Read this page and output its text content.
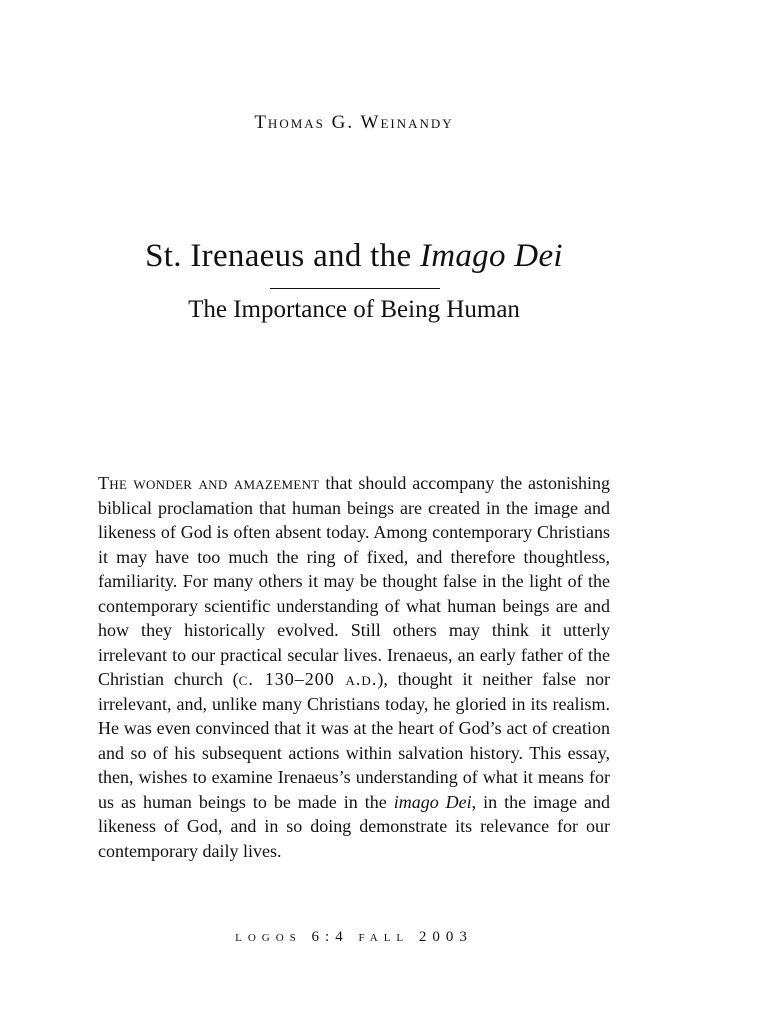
Thomas G. Weinandy
St. Irenaeus and the Imago Dei
The Importance of Being Human
The wonder and amazement that should accompany the astonishing biblical proclamation that human beings are created in the image and likeness of God is often absent today. Among contemporary Christians it may have too much the ring of fixed, and therefore thoughtless, familiarity. For many others it may be thought false in the light of the contemporary scientific understanding of what human beings are and how they historically evolved. Still others may think it utterly irrelevant to our practical secular lives. Irenaeus, an early father of the Christian church (c. 130–200 a.d.), thought it neither false nor irrelevant, and, unlike many Christians today, he gloried in its realism. He was even convinced that it was at the heart of God’s act of creation and so of his subsequent actions within salvation history. This essay, then, wishes to examine Irenaeus’s understanding of what it means for us as human beings to be made in the imago Dei, in the image and likeness of God, and in so doing demonstrate its relevance for our contemporary daily lives.
logos 6:4 fall 2003
